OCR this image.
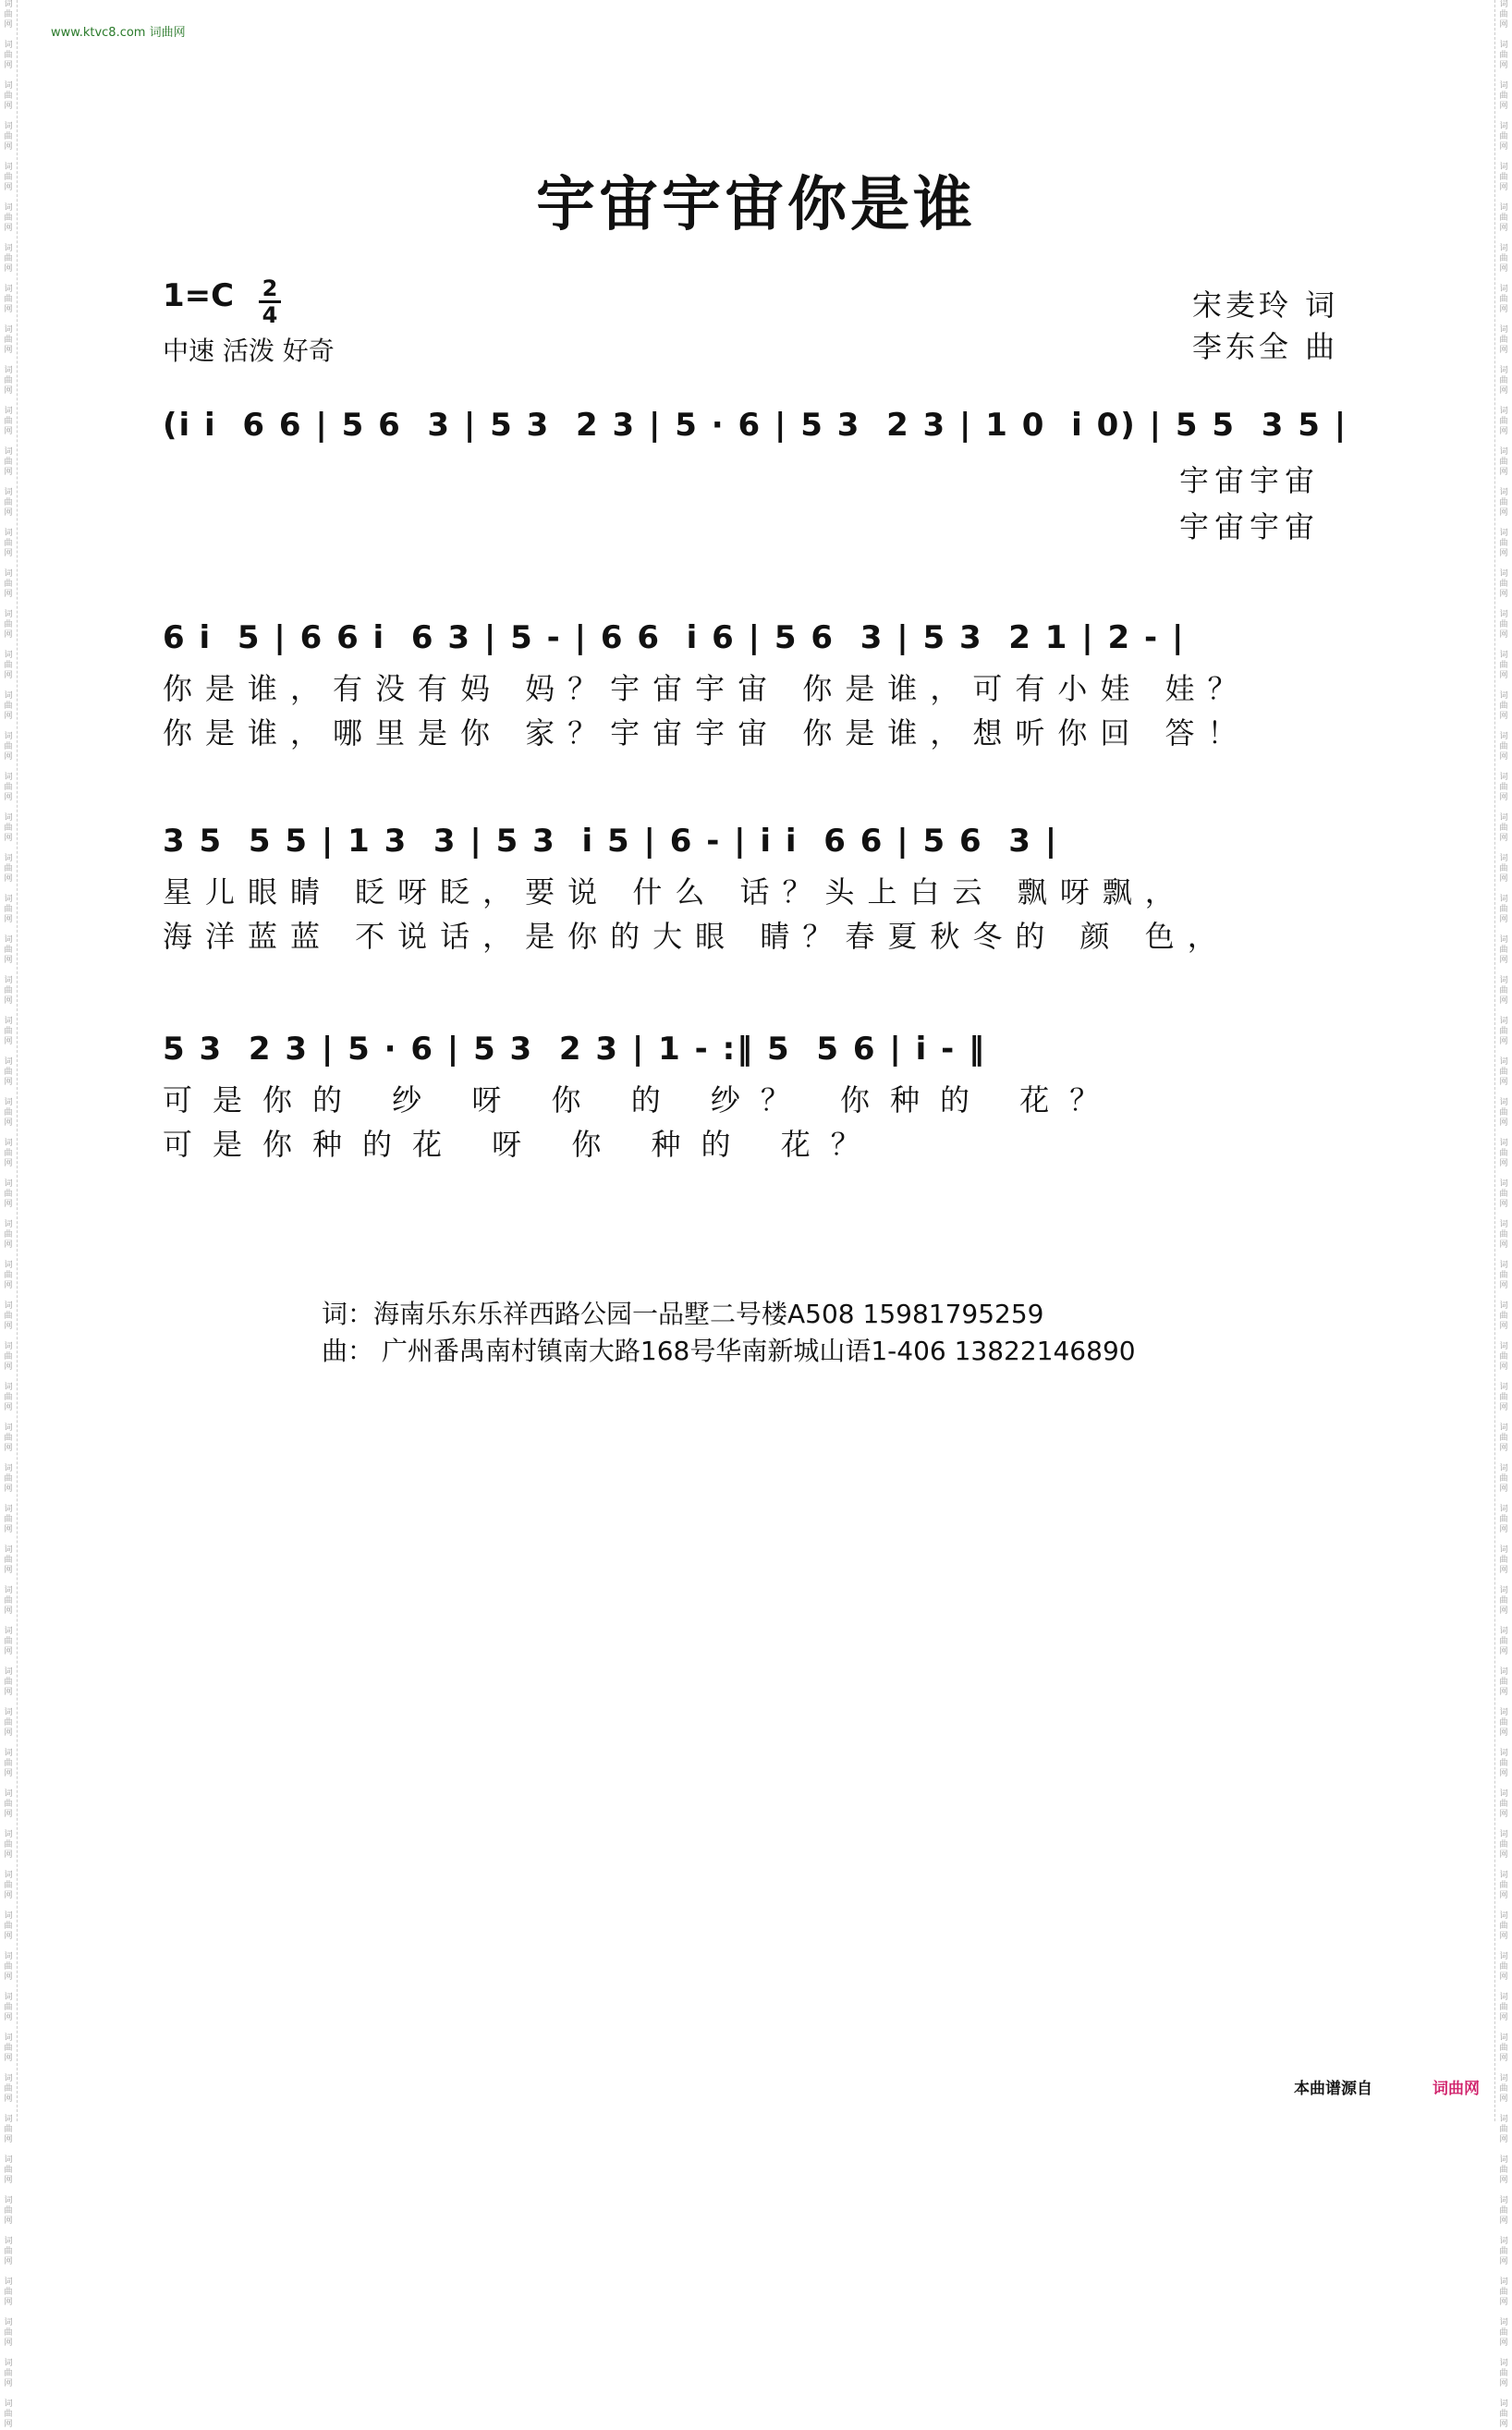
词
曲
网

词
曲
网

词
曲
网

词
曲
网

词
曲
网

词
曲
网

词
曲
网

词
曲
网

词
曲
网

词
曲
网

词
曲
网

词
曲
网

词
曲
网

词
曲
网

词
曲
网

词
曲
网

词
曲
网

词
曲
网

词
曲
网

词
曲
网

词
曲
网

词
曲
网

词
曲
网

词
曲
网

词
曲
网

词
曲
网

词
曲
网

词
曲
网

词
曲
网

词
曲
网

词
曲
网

词
曲
网

词
曲
网

词
曲
网

词
曲
网

词
曲
网

词
曲
网

词
曲
网

词
曲
网

词
曲
网

词
曲
网

词
曲
网

词
曲
网

词
曲
网

词
曲
网

词
曲
网

词
曲
网

词
曲
网

词
曲
网

词
曲
网

词
曲
网

词
曲
网

词
曲
网

词
曲
网

词
曲
网

词
曲
网

词
曲
网

词
曲
网

词
曲
网

词
曲
网

词
曲
网

词
曲
网

词
曲
网

词
曲
网

词
曲
网

词
曲
网

词
曲
网

词
曲
网

词
曲
网

词
曲
网

词
曲
网

词
曲
网

词
曲
网

词
曲
网

词
曲
网

词
曲
网

词
曲
网

词
曲
网

词
曲
网

词
曲
网

词
曲
网

词
曲
网

词
曲
网

词
曲
网

词
曲
网

词
曲
网

词
曲
网

词
曲
网

词
曲
网

词
曲
网

词
曲
网

词
曲
网

词
曲
网

词
曲
网

词
曲
网

词
曲
网

词
曲
网

词
曲
网

词
曲
网

词
曲
网

词
曲
网

词
曲
网

词
曲
网

词
曲
网

词
曲
网

词
曲
网

词
曲
网

词
曲
网

词
曲
网

词
曲
网

词
曲
网

词
曲
网

词
曲
网

词
曲
网

词
曲
网

词
曲
网

词
曲
网

词
曲
网

词
曲
网

词
曲
网

www.ktvc8.com 词曲网
宇宙宇宙你是谁
1=C 2
4
中速 活泼 好奇
宋麦玲 词
李东全 曲
(i i  6 6 | 5 6  3 | 5 3  2 3 | 5 · 6 | 5 3  2 3 | 1 0  i 0) | 5 5  3 5 |
宇宙宇宙
宇宙宇宙
6 i  5 | 6 6 i  6 3 | 5 - | 6 6  i 6 | 5 6  3 | 5 3  2 1 | 2 - |
你是谁，有没有妈 妈？宇宙宇宙 你是谁，可有小娃 娃？
你是谁，哪里是你 家？宇宙宇宙 你是谁，想听你回 答！
3 5  5 5 | 1 3  3 | 5 3  i 5 | 6 - | i i  6 6 | 5 6  3 |
星儿眼睛 眨呀眨，要说 什么 话？头上白云 飘呀飘，
海洋蓝蓝 不说话，是你的大眼 睛？春夏秋冬的 颜 色，
5 3  2 3 | 5 · 6 | 5 3  2 3 | 1 - :‖ 5  5 6 | i - ‖
可是你的 纱 呀 你 的 纱？ 你种的 花？
可是你种的花 呀 你 种的 花？
词：海南乐东乐祥西路公园一品墅二号楼A508 15981795259
曲： 广州番禺南村镇南大路168号华南新城山语1-406 13822146890
本曲谱源自	词曲网
